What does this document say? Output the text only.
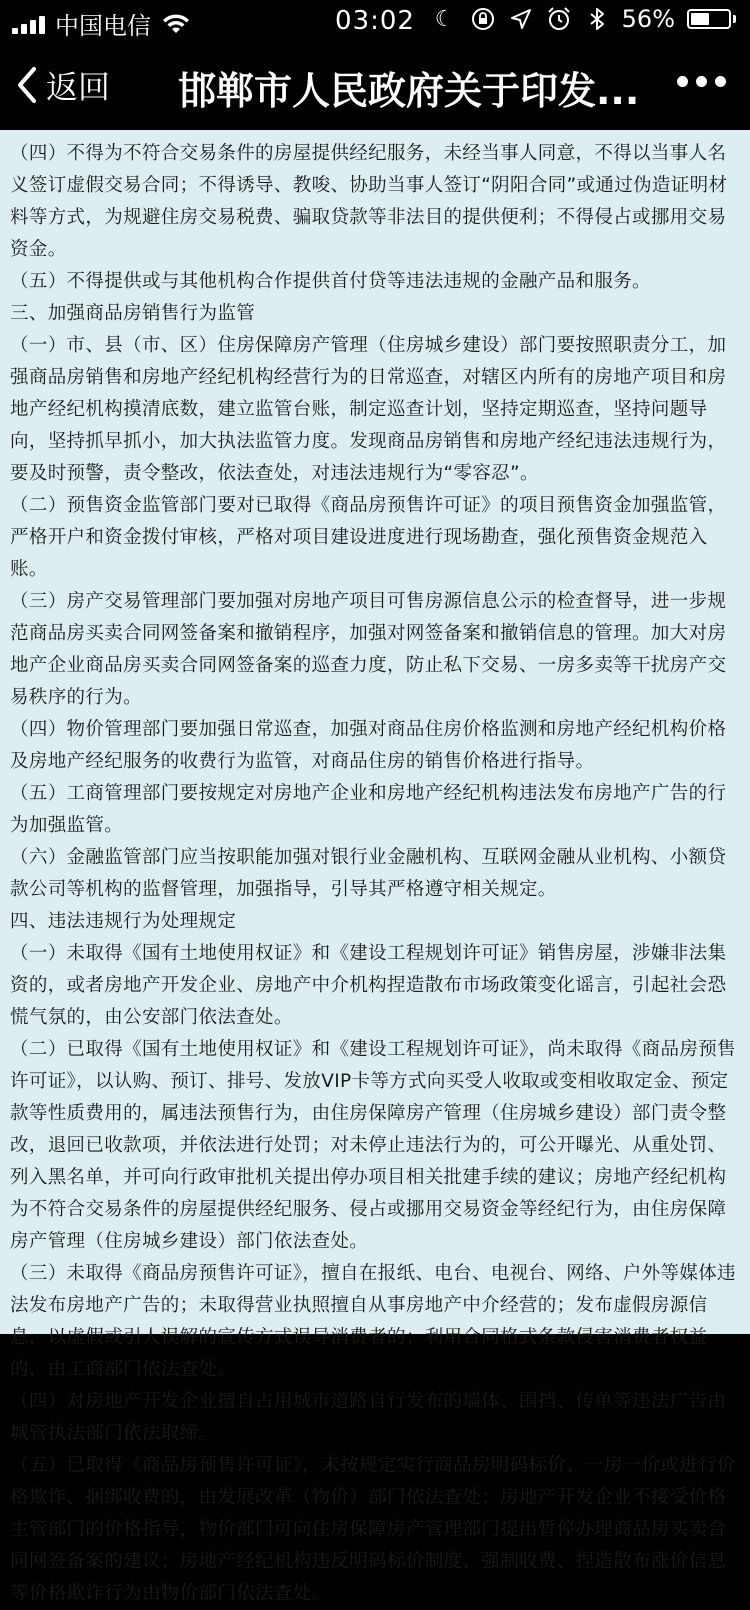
中国电信	03:02 ☾	56%
返回 邯郸市人民政府关于印发...

（四）不得为不符合交易条件的房屋提供经纪服务，未经当事人同意，不得以当事人名义签订虚假交易合同；不得诱导、教唆、协助当事人签订“阴阳合同”或通过伪造证明材料等方式，为规避住房交易税费、骗取贷款等非法目的提供便利；不得侵占或挪用交易资金。

（五）不得提供或与其他机构合作提供首付贷等违法违规的金融产品和服务。

三、加强商品房销售行为监管

（一）市、县（市、区）住房保障房产管理（住房城乡建设）部门要按照职责分工，加强商品房销售和房地产经纪机构经营行为的日常巡查，对辖区内所有的房地产项目和房地产经纪机构摸清底数，建立监管台账，制定巡查计划，坚持定期巡查，坚持问题导向，坚持抓早抓小，加大执法监管力度。发现商品房销售和房地产经纪违法违规行为，要及时预警，责令整改，依法查处，对违法违规行为“零容忍”。

（二）预售资金监管部门要对已取得《商品房预售许可证》的项目预售资金加强监管，严格开户和资金拨付审核，严格对项目建设进度进行现场勘查，强化预售资金规范入账。

（三）房产交易管理部门要加强对房地产项目可售房源信息公示的检查督导，进一步规范商品房买卖合同网签备案和撤销程序，加强对网签备案和撤销信息的管理。加大对房地产企业商品房买卖合同网签备案的巡查力度，防止私下交易、一房多卖等干扰房产交易秩序的行为。

（四）物价管理部门要加强日常巡查，加强对商品住房价格监测和房地产经纪机构价格及房地产经纪服务的收费行为监管，对商品住房的销售价格进行指导。

（五）工商管理部门要按规定对房地产企业和房地产经纪机构违法发布房地产广告的行为加强监管。

（六）金融监管部门应当按职能加强对银行业金融机构、互联网金融从业机构、小额贷款公司等机构的监督管理，加强指导，引导其严格遵守相关规定。

四、违法违规行为处理规定

（一）未取得《国有土地使用权证》和《建设工程规划许可证》销售房屋，涉嫌非法集资的，或者房地产开发企业、房地产中介机构捏造散布市场政策变化谣言，引起社会恐慌气氛的，由公安部门依法查处。

（二）已取得《国有土地使用权证》和《建设工程规划许可证》，尚未取得《商品房预售许可证》，以认购、预订、排号、发放VIP卡等方式向买受人收取或变相收取定金、预定款等性质费用的，属违法预售行为，由住房保障房产管理（住房城乡建设）部门责令整改，退回已收款项，并依法进行处罚；对未停止违法行为的，可公开曝光、从重处罚、列入黑名单，并可向行政审批机关提出停办项目相关批建手续的建议；房地产经纪机构为不符合交易条件的房屋提供经纪服务、侵占或挪用交易资金等经纪行为，由住房保障房产管理（住房城乡建设）部门依法查处。

（三）未取得《商品房预售许可证》，擅自在报纸、电台、电视台、网络、户外等媒体违法发布房地产广告的；未取得营业执照擅自从事房地产中介经营的；发布虚假房源信息，以虚假或引人误解的宣传方式误导消费者的；利用合同格式条款侵害消费者权益的，由工商部门依法查处。

（四）对房地产开发企业擅自占用城市道路自行发布的墙体、围挡、传单等违法广告由城管执法部门依法取缔。

（五）已取得《商品房预售许可证》，未按规定实行商品房明码标价、一房一价或进行价格欺诈、捆绑收费的，由发展改革（物价）部门依法查处；房地产开发企业不接受价格主管部门的价格指导，物价部门可向住房保障房产管理部门提出暂停办理商品房买卖合同网签备案的建议；房地产经纪机构违反明码标价制度、强制收费、捏造散布涨价信息等价格欺诈行为由物价部门依法查处。
